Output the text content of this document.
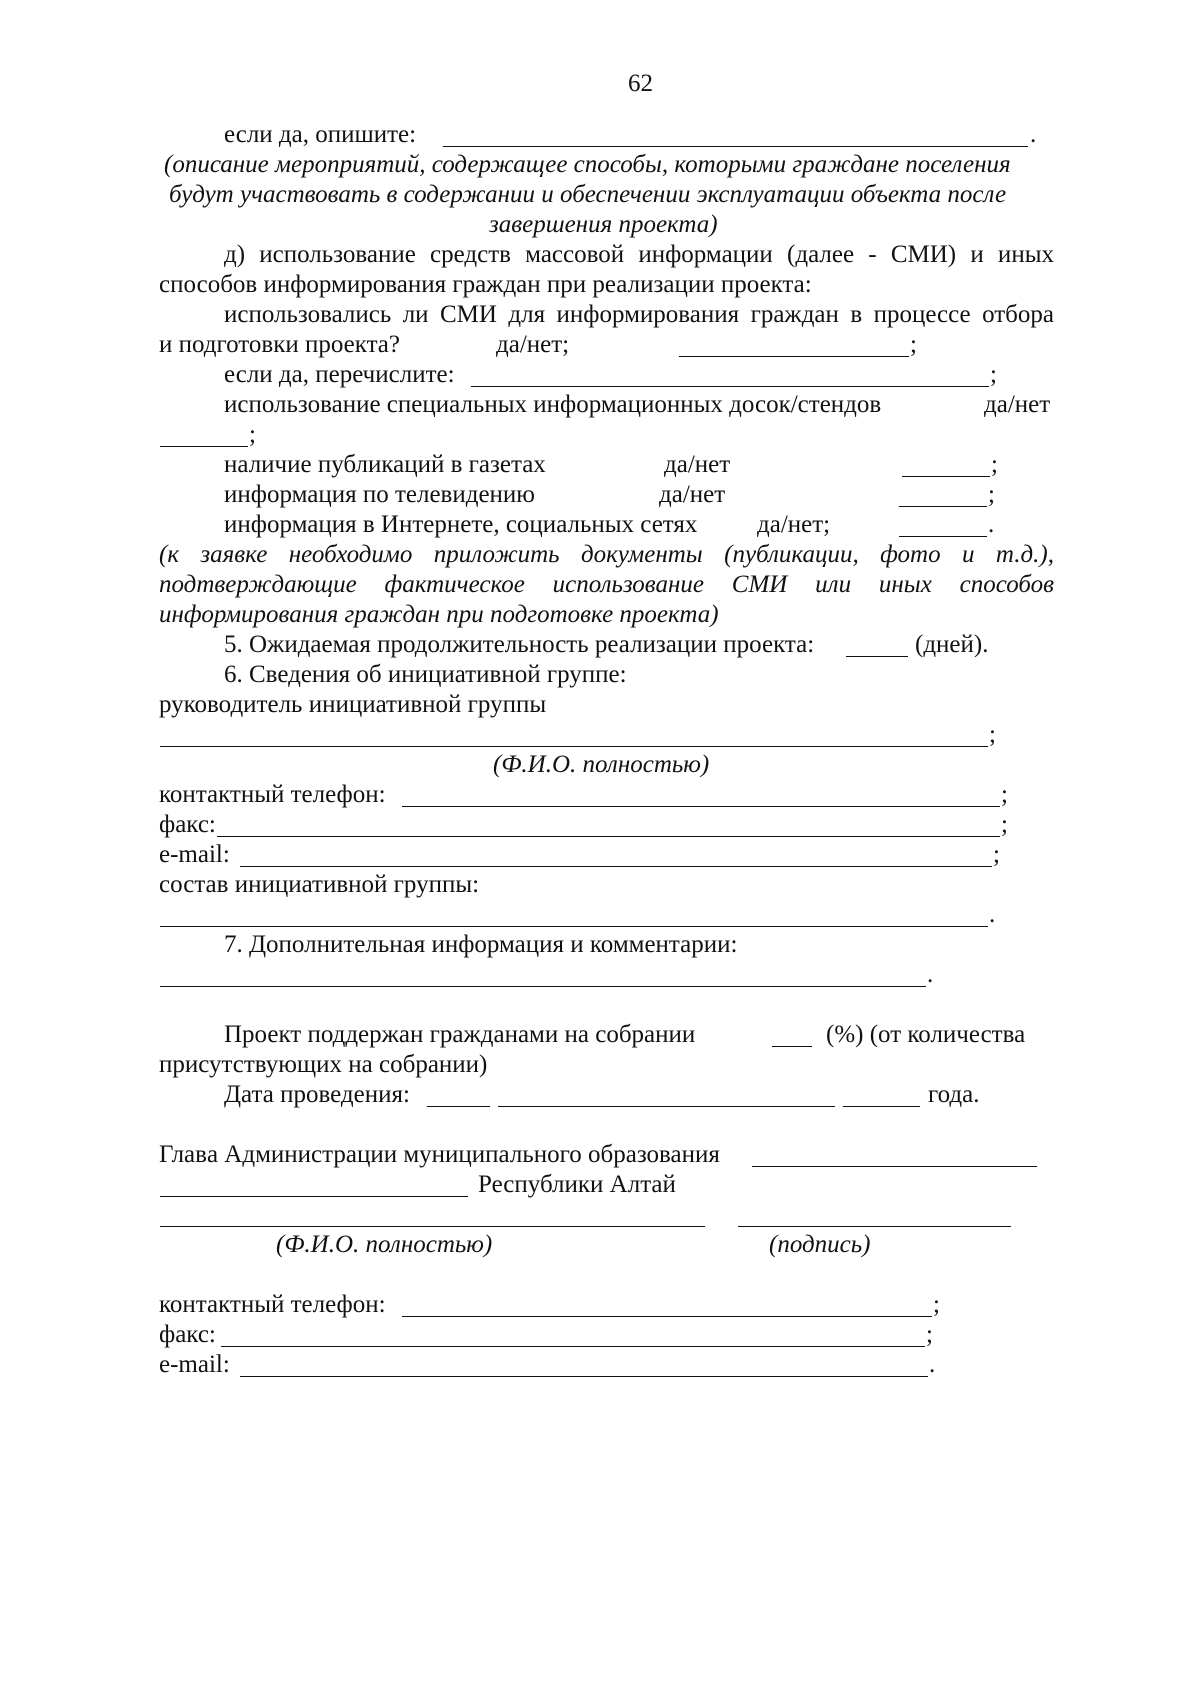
62
если да, опишите:	.
(описание мероприятий, содержащее способы, которыми граждане поселения
будут участвовать в содержании и обеспечении эксплуатации объекта после
завершения проекта)
д) использование средств массовой информации (далее - СМИ) и иных
способов информирования граждан при реализации проекта:
использовались ли СМИ для информирования граждан в процессе отбора
и подготовки проекта?	да/нет;	;
если да, перечислите:	;
использование специальных информационных досок/стендов	да/нет
;
наличие публикаций в газетах	да/нет	;
информация по телевидению	да/нет	;
информация в Интернете, социальных сетях да/нет;	.
(к заявке необходимо приложить документы (публикации, фото и т.д.),
подтверждающие фактическое использование СМИ или иных способов
информирования граждан при подготовке проекта)
5. Ожидаемая продолжительность реализации проекта:	(дней).
6. Сведения об инициативной группе:
руководитель инициативной группы
;
(Ф.И.О. полностью)
контактный телефон:	;
факс:	;
e-mail:	;
состав инициативной группы:
.
7. Дополнительная информация и комментарии:
.
Проект поддержан гражданами на собрании	(%) (от количества
присутствующих на собрании)
Дата проведения:	года.
Главa Администрации муниципального образования
Республики Алтай
(Ф.И.О. полностью)	(подпись)
контактный телефон:	;
факс:	;
e-mail:	.
